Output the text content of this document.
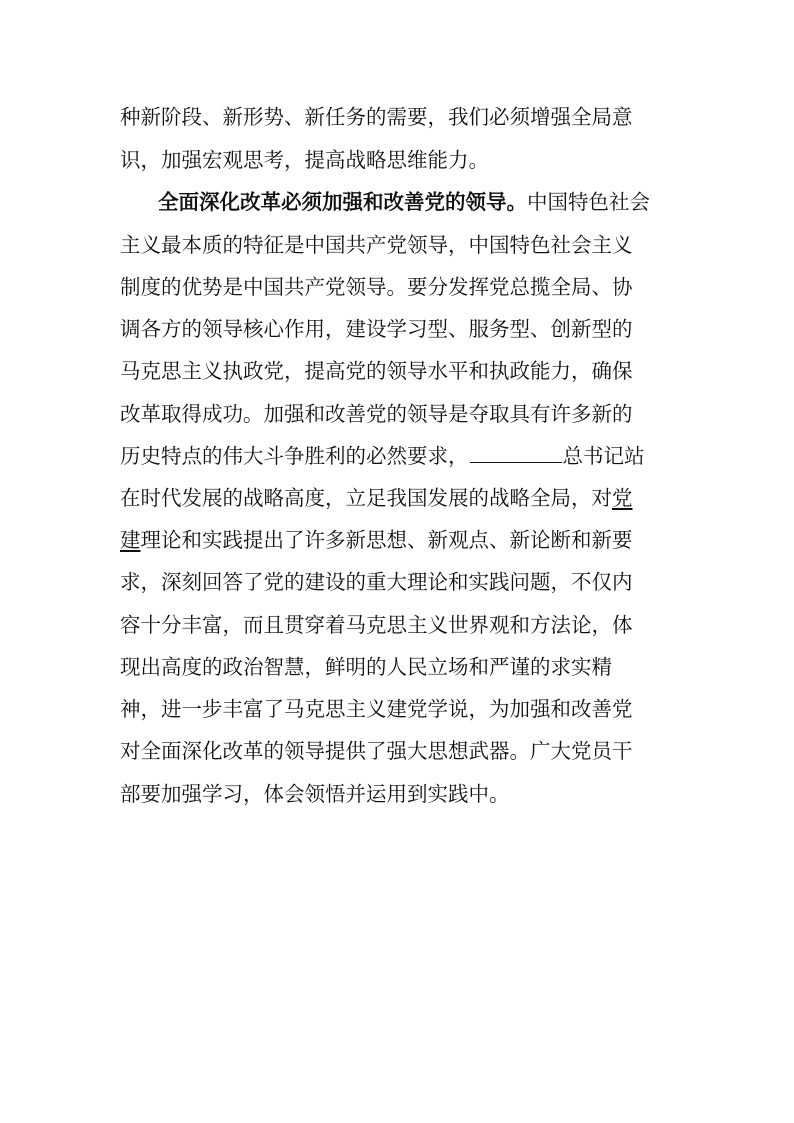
种新阶段、新形势、新任务的需要，我们必须增强全局意
识，加强宏观思考，提高战略思维能力。
全面深化改革必须加强和改善党的领导。中国特色社会
主义最本质的特征是中国共产党领导，中国特色社会主义
制度的优势是中国共产党领导。要分发挥党总揽全局、协
调各方的领导核心作用，建设学习型、服务型、创新型的
马克思主义执政党，提高党的领导水平和执政能力，确保
改革取得成功。加强和改善党的领导是夺取具有许多新的
历史特点的伟大斗争胜利的必然要求，	总书记站
在时代发展的战略高度，立足我国发展的战略全局，对党
建理论和实践提出了许多新思想、新观点、新论断和新要
求，深刻回答了党的建设的重大理论和实践问题，不仅内
容十分丰富，而且贯穿着马克思主义世界观和方法论，体
现出高度的政治智慧，鲜明的人民立场和严谨的求实精
神，进一步丰富了马克思主义建党学说，为加强和改善党
对全面深化改革的领导提供了强大思想武器。广大党员干
部要加强学习，体会领悟并运用到实践中。
